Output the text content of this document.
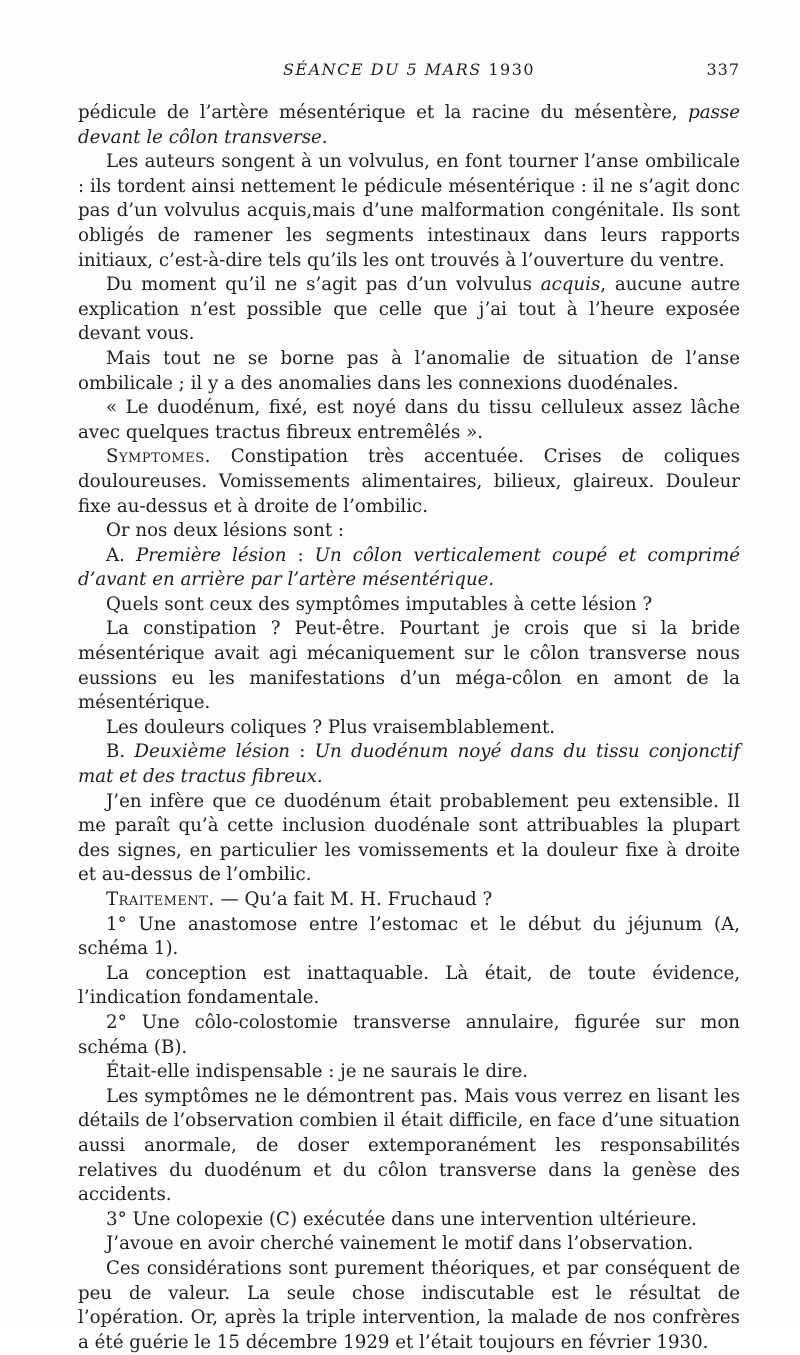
SÉANCE DU 5 MARS 1930	337

pédicule de l’artère mésentérique et la racine du mésentère, passe devant le côlon transverse.

Les auteurs songent à un volvulus, en font tourner l’anse ombilicale : ils tordent ainsi nettement le pédicule mésentérique : il ne s’agit donc pas d’un volvulus acquis,mais d’une malformation congénitale. Ils sont obligés de ramener les segments intestinaux dans leurs rapports initiaux, c’est-à-dire tels qu’ils les ont trouvés à l’ouverture du ventre.

Du moment qu’il ne s’agit pas d’un volvulus acquis, aucune autre explication n’est possible que celle que j’ai tout à l’heure exposée devant vous.

Mais tout ne se borne pas à l’anomalie de situation de l’anse ombilicale ; il y a des anomalies dans les connexions duodénales.

« Le duodénum, fixé, est noyé dans du tissu celluleux assez lâche avec quelques tractus fibreux entremêlés ».

Symptomes. Constipation très accentuée. Crises de coliques douloureuses. Vomissements alimentaires, bilieux, glaireux. Douleur fixe au-dessus et à droite de l’ombilic.

Or nos deux lésions sont :

A. Première lésion : Un côlon verticalement coupé et comprimé d’avant en arrière par l’artère mésentérique.

Quels sont ceux des symptômes imputables à cette lésion ?

La constipation ? Peut-être. Pourtant je crois que si la bride mésentérique avait agi mécaniquement sur le côlon transverse nous eussions eu les manifestations d’un méga-côlon en amont de la mésentérique.

Les douleurs coliques ? Plus vraisemblablement.

B. Deuxième lésion : Un duodénum noyé dans du tissu conjonctif mat et des tractus fibreux.

J’en infère que ce duodénum était probablement peu extensible. Il me paraît qu’à cette inclusion duodénale sont attribuables la plupart des signes, en particulier les vomissements et la douleur fixe à droite et au-dessus de l’ombilic.

Traitement. — Qu’a fait M. H. Fruchaud ?

1° Une anastomose entre l’estomac et le début du jéjunum (A, schéma 1).

La conception est inattaquable. Là était, de toute évidence, l’indication fondamentale.

2° Une côlo-colostomie transverse annulaire, figurée sur mon schéma (B).

Était-elle indispensable : je ne saurais le dire.

Les symptômes ne le démontrent pas. Mais vous verrez en lisant les détails de l’observation combien il était difficile, en face d’une situation aussi anormale, de doser extemporanément les responsabilités relatives du duodénum et du côlon transverse dans la genèse des accidents.

3° Une colopexie (C) exécutée dans une intervention ultérieure.

J’avoue en avoir cherché vainement le motif dans l’observation.

Ces considérations sont purement théoriques, et par conséquent de peu de valeur. La seule chose indiscutable est le résultat de l’opération. Or, après la triple intervention, la malade de nos confrères a été guérie le 15 décembre 1929 et l’était toujours en février 1930.
